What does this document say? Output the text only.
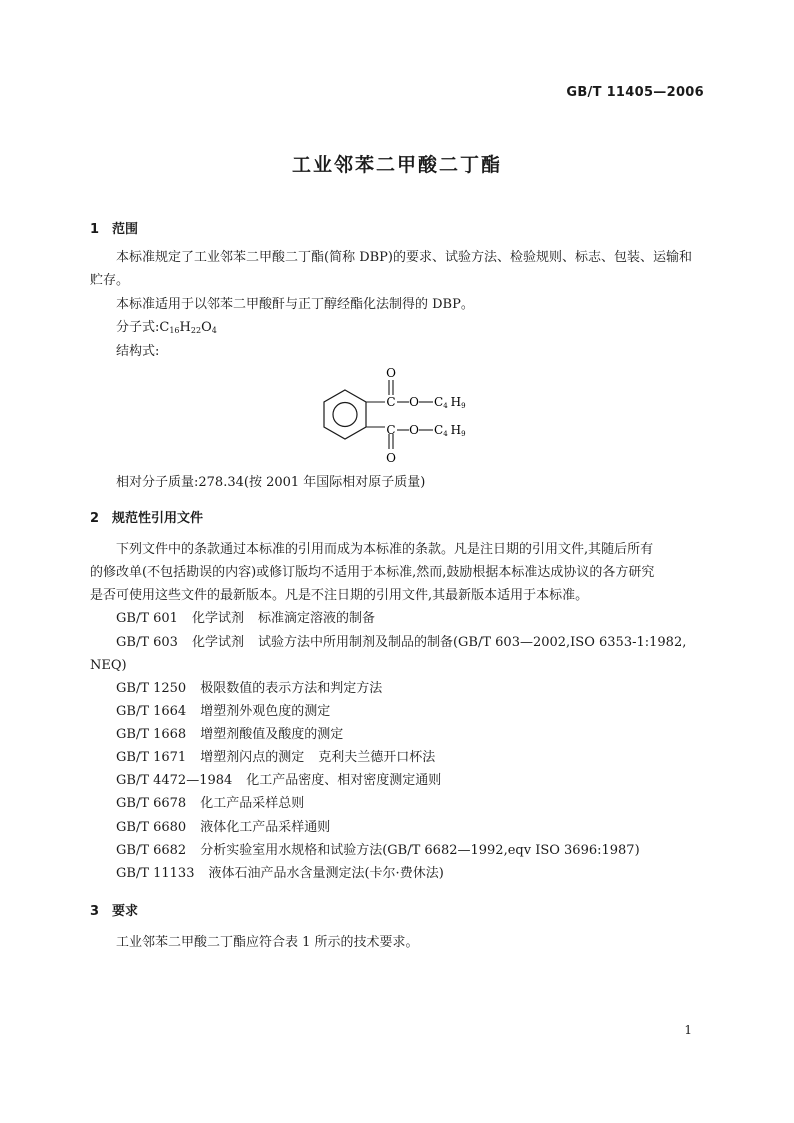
GB/T 11405—2006
工业邻苯二甲酸二丁酯
1 范围
本标准规定了工业邻苯二甲酸二丁酯(简称 DBP)的要求、试验方法、检验规则、标志、包装、运输和
贮存。
本标准适用于以邻苯二甲酸酐与正丁醇经酯化法制得的 DBP。
分子式$:C_{16}H_{22}O_4$
结构式:
O
C O C4 H9
C O C4 H9
O
相对分子质量:278.34(按 2001 年国际相对原子质量)
2 规范性引用文件
下列文件中的条款通过本标准的引用而成为本标准的条款。凡是注日期的引用文件,其随后所有
的修改单(不包括勘误的内容)或修订版均不适用于本标准,然而,鼓励根据本标准达成协议的各方研究
是否可使用这些文件的最新版本。凡是不注日期的引用文件,其最新版本适用于本标准。
GB/T 601 化学试剂 标准滴定溶液的制备
GB/T 603 化学试剂 试验方法中所用制剂及制品的制备(GB/T 603—2002,ISO 6353-1:1982,
NEQ)
GB/T 1250 极限数值的表示方法和判定方法
GB/T 1664 增塑剂外观色度的测定
GB/T 1668 增塑剂酸值及酸度的测定
GB/T 1671 增塑剂闪点的测定 克利夫兰德开口杯法
GB/T 4472—1984 化工产品密度、相对密度测定通则
GB/T 6678 化工产品采样总则
GB/T 6680 液体化工产品采样通则
GB/T 6682 分析实验室用水规格和试验方法(GB/T 6682—1992,eqv ISO 3696:1987)
GB/T 11133 液体石油产品水含量测定法(卡尔·费休法)
3 要求
工业邻苯二甲酸二丁酯应符合表 1 所示的技术要求。
1
